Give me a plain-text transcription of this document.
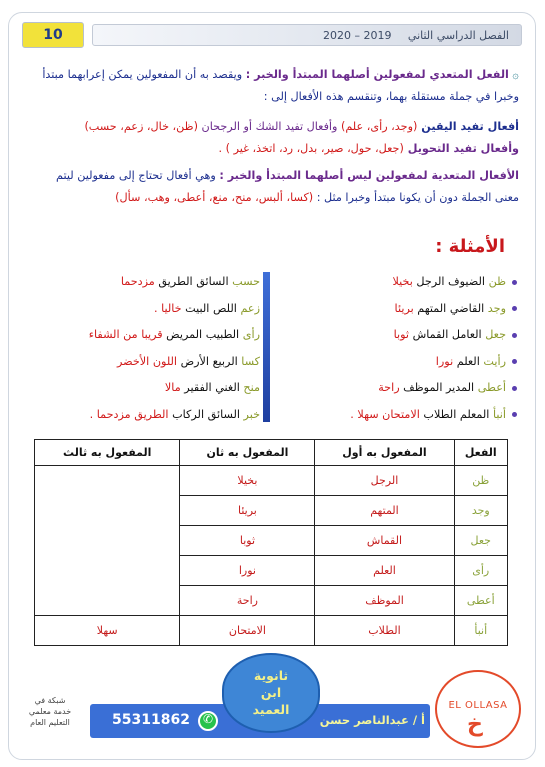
الفصل الدراسي الثاني
2020 – 2019
10
۞ الفعل المتعدي لمفعولين أصلهما المبتدأ والخبر : ويقصد به أن المفعولين يمكن إعرابهما مبتدأ
وخبرا في جملة مستقلة بهما، وتنقسم هذه الأفعال إلى :
أفعال تفيد اليقين (وجد، رأى، علم) وأفعال تفيد الشك أو الرجحان (ظن، خال، زعم، حسب)
وأفعال تفيد التحويل (جعل، حول، صير، بدل، رد، اتخذ، غير ) .
الأفعال المتعدية لمفعولين ليس أصلهما المبتدأ والخبر : وهي أفعال تحتاج إلى مفعولين ليتم
معنى الجملة دون أن يكونا مبتدأ وخبرا مثل : (كسا، ألبس، منح، منع، أعطى، وهب، سأل)
الأمثلة :
ظن الضيوف الرجل بخيلا
وجد القاضي المتهم بريئا
جعل العامل القماش ثوبا
رأيت العلم نورا
أعطى المدير الموظف راحة
أنبأ المعلم الطلاب الامتحان سهلا .
حسب السائق الطريق مزدحما
زعم اللص البيت خاليا .
رأى الطبيب المريض قريبا من الشفاء
كسا الربيع الأرض اللون الأخضر
منح الغني الفقير مالا
خبر السائق الركاب الطريق مزدحما .
الفعل	المفعول به أول	المفعول به ثان	المفعول به ثالث
ظن	الرجل	بخيلا	
وجد	المتهم	بريئا	
جعل	القماش	ثوبا	
رأى	العلم	نورا	
أعطى	الموظف	راحة	
أنبأ	الطلاب	الامتحان	سهلا
شبكة في
خدمة معلمي
التعليم العام	55311862 ✆	أ / عبدالناصر حسن
ثانوية
ابن
العميد	EL OLLASA
خ
